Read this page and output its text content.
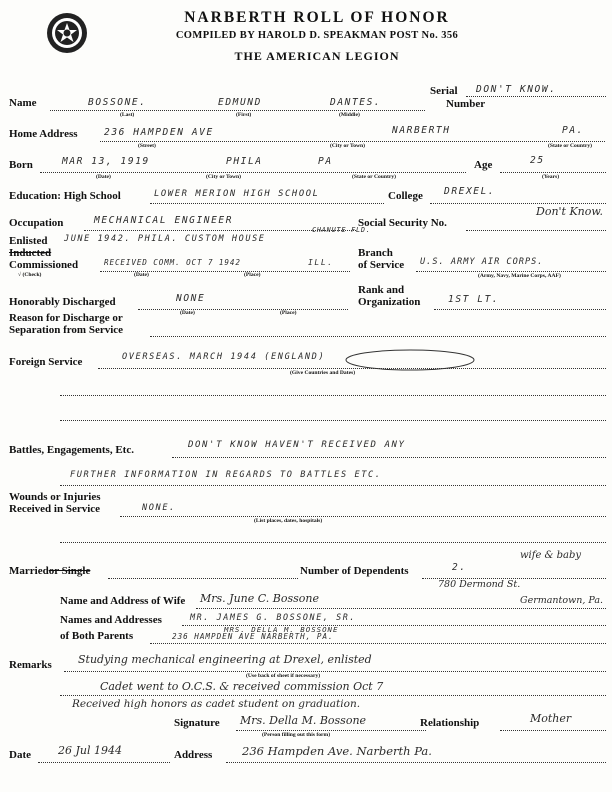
NARBERTH ROLL OF HONOR
COMPILED BY HAROLD D. SPEAKMAN POST No. 356
THE AMERICAN LEGION
Serial DON'T KNOW.
Number
Name	BOSSONE.	EDMUND	DANTES.
(Last)	(First)	(Middle)
Home Address	236 HAMPDEN AVE	NARBERTH	PA.
(Street)	(City or Town)	(State or Country)
Born	MAR 13, 1919	PHILA	PA
(Date)	(City or Town)	(State or Country)
Age	25
(Years)
Education: High School	LOWER MERION HIGH SCHOOL	College DREXEL.
Occupation	MECHANICAL ENGINEER	Social Security No.
Don't Know.
Enlisted JUNE 1942. PHILA. CUSTOM HOUSE
CHANUTE FLD.
Inducted
Commissioned	RECEIVED COMM. OCT 7 1942	ILL.
√ (Check)	(Date)	(Place)
Branch
of Service U.S. ARMY AIR CORPS.
(Army, Navy, Marine Corps, AAF)
Rank and
Organization	1ST LT.
Honorably Discharged	NONE
(Date)	(Place)
Reason for Discharge or
Separation from Service
Foreign Service	OVERSEAS. MARCH 1944 (ENGLAND)
(Give Countries and Dates)
Battles, Engagements, Etc.	DON'T KNOW HAVEN'T RECEIVED ANY
FURTHER INFORMATION IN REGARDS TO BATTLES ETC.
Wounds or Injuries
Received in Service	NONE.
(List places, dates, hospitals)
Marriedor Single	Number of Dependents	2.
wife & baby
Name and Address of Wife Mrs. June C. Bossone
780 Dermond St.
Germantown, Pa.
Names and Addresses	MR. JAMES G. BOSSONE, SR.
of Both Parents
MRS. DELLA M. BOSSONE
236 HAMPDEN AVE NARBERTH, PA.
Remarks Studying mechanical engineering at Drexel, enlisted
(Use back of sheet if necessary)
Cadet went to O.C.S. & received commission Oct 7
Received high honors as cadet student on graduation.
Signature Mrs. Della M. Bossone
(Person filling out this form)
Relationship	Mother
Date 26 Jul 1944	Address	236 Hampden Ave. Narberth Pa.
